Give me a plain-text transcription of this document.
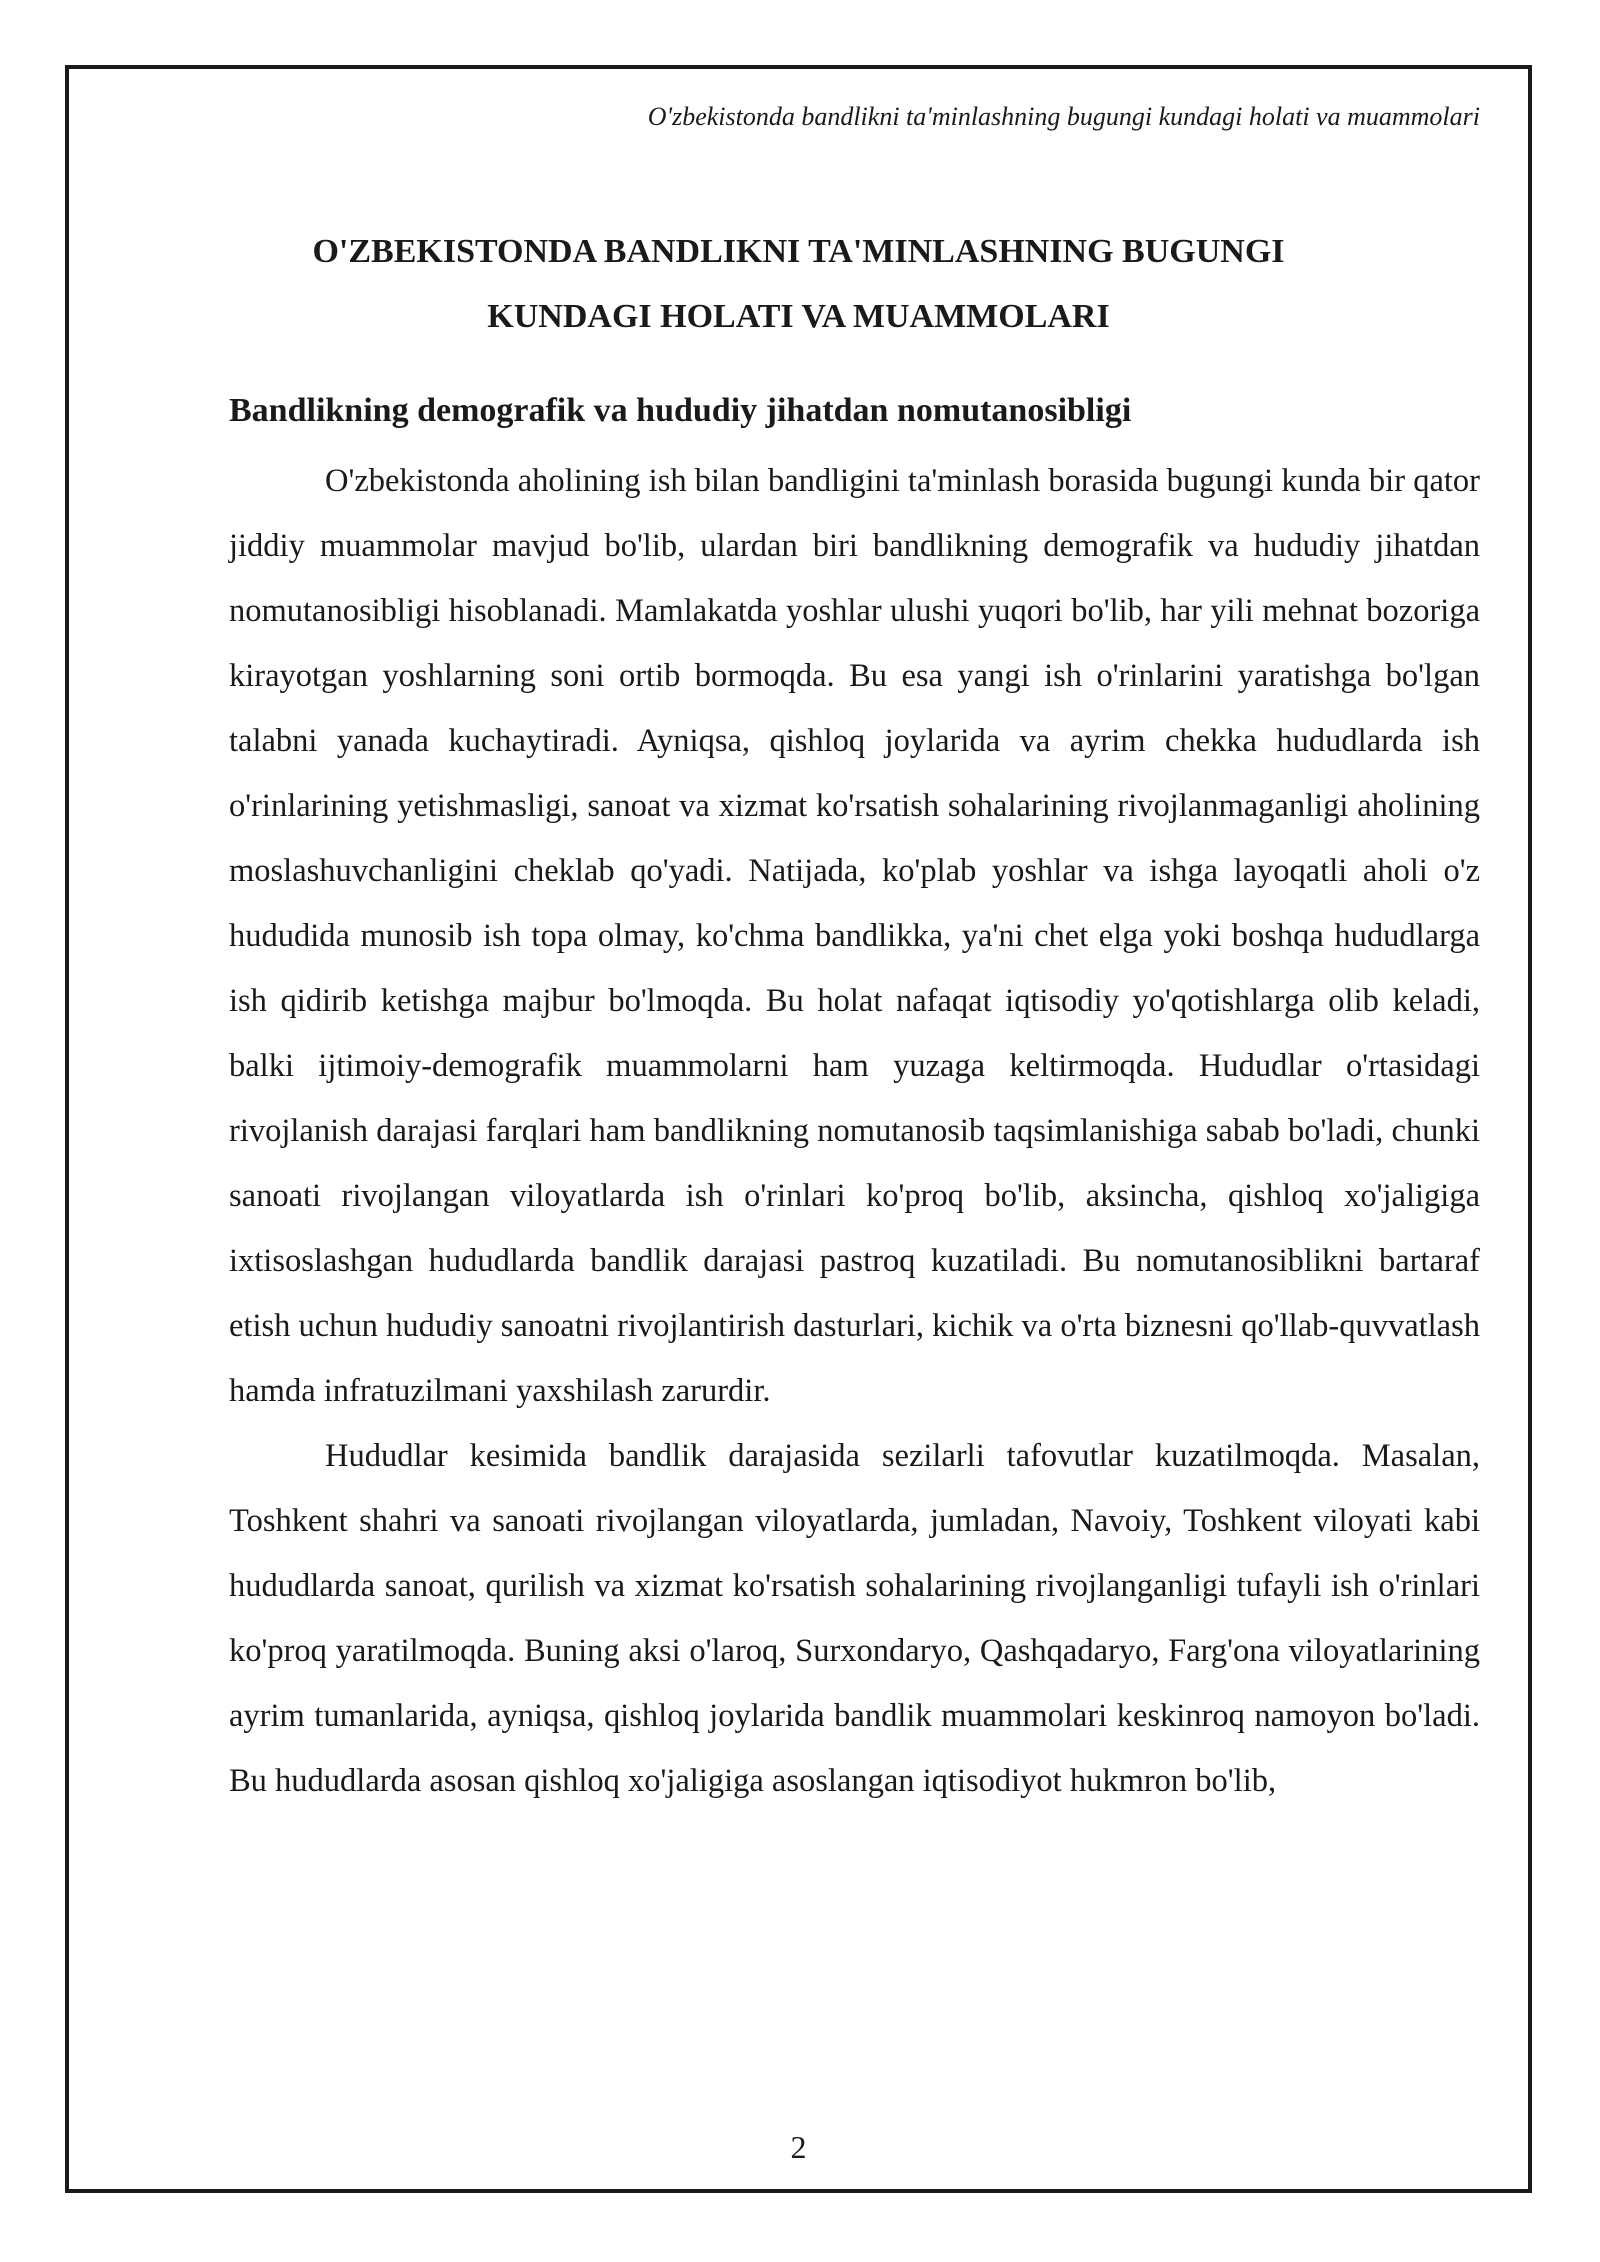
O'zbekistonda bandlikni ta'minlashning bugungi kundagi holati va muammolari
O'ZBEKISTONDA BANDLIKNI TA'MINLASHNING BUGUNGI
KUNDAGI HOLATI VA MUAMMOLARI
Bandlikning demografik va hududiy jihatdan nomutanosibligi

O'zbekistonda aholining ish bilan bandligini ta'minlash borasida bugungi kunda bir qator jiddiy muammolar mavjud bo'lib, ulardan biri bandlikning demografik va hududiy jihatdan nomutanosibligi hisoblanadi. Mamlakatda yoshlar ulushi yuqori bo'lib, har yili mehnat bozoriga kirayotgan yoshlarning soni ortib bormoqda. Bu esa yangi ish o'rinlarini yaratishga bo'lgan talabni yanada kuchaytiradi. Ayniqsa, qishloq joylarida va ayrim chekka hududlarda ish o'rinlarining yetishmasligi, sanoat va xizmat ko'rsatish sohalarining rivojlanmaganligi aholining moslashuvchanligini cheklab qo'yadi. Natijada, ko'plab yoshlar va ishga layoqatli aholi o'z hududida munosib ish topa olmay, ko'chma bandlikka, ya'ni chet elga yoki boshqa hududlarga ish qidirib ketishga majbur bo'lmoqda. Bu holat nafaqat iqtisodiy yo'qotishlarga olib keladi, balki ijtimoiy-demografik muammolarni ham yuzaga keltirmoqda. Hududlar o'rtasidagi rivojlanish darajasi farqlari ham bandlikning nomutanosib taqsimlanishiga sabab bo'ladi, chunki sanoati rivojlangan viloyatlarda ish o'rinlari ko'proq bo'lib, aksincha, qishloq xo'jaligiga ixtisoslashgan hududlarda bandlik darajasi pastroq kuzatiladi. Bu nomutanosiblikni bartaraf etish uchun hududiy sanoatni rivojlantirish dasturlari, kichik va o'rta biznesni qo'llab-quvvatlash hamda infratuzilmani yaxshilash zarurdir.

Hududlar kesimida bandlik darajasida sezilarli tafovutlar kuzatilmoqda. Masalan, Toshkent shahri va sanoati rivojlangan viloyatlarda, jumladan, Navoiy, Toshkent viloyati kabi hududlarda sanoat, qurilish va xizmat ko'rsatish sohalarining rivojlanganligi tufayli ish o'rinlari ko'proq yaratilmoqda. Buning aksi o'laroq, Surxondaryo, Qashqadaryo, Farg'ona viloyatlarining ayrim tumanlarida, ayniqsa, qishloq joylarida bandlik muammolari keskinroq namoyon bo'ladi. Bu hududlarda asosan qishloq xo'jaligiga asoslangan iqtisodiyot hukmron bo'lib,

2
